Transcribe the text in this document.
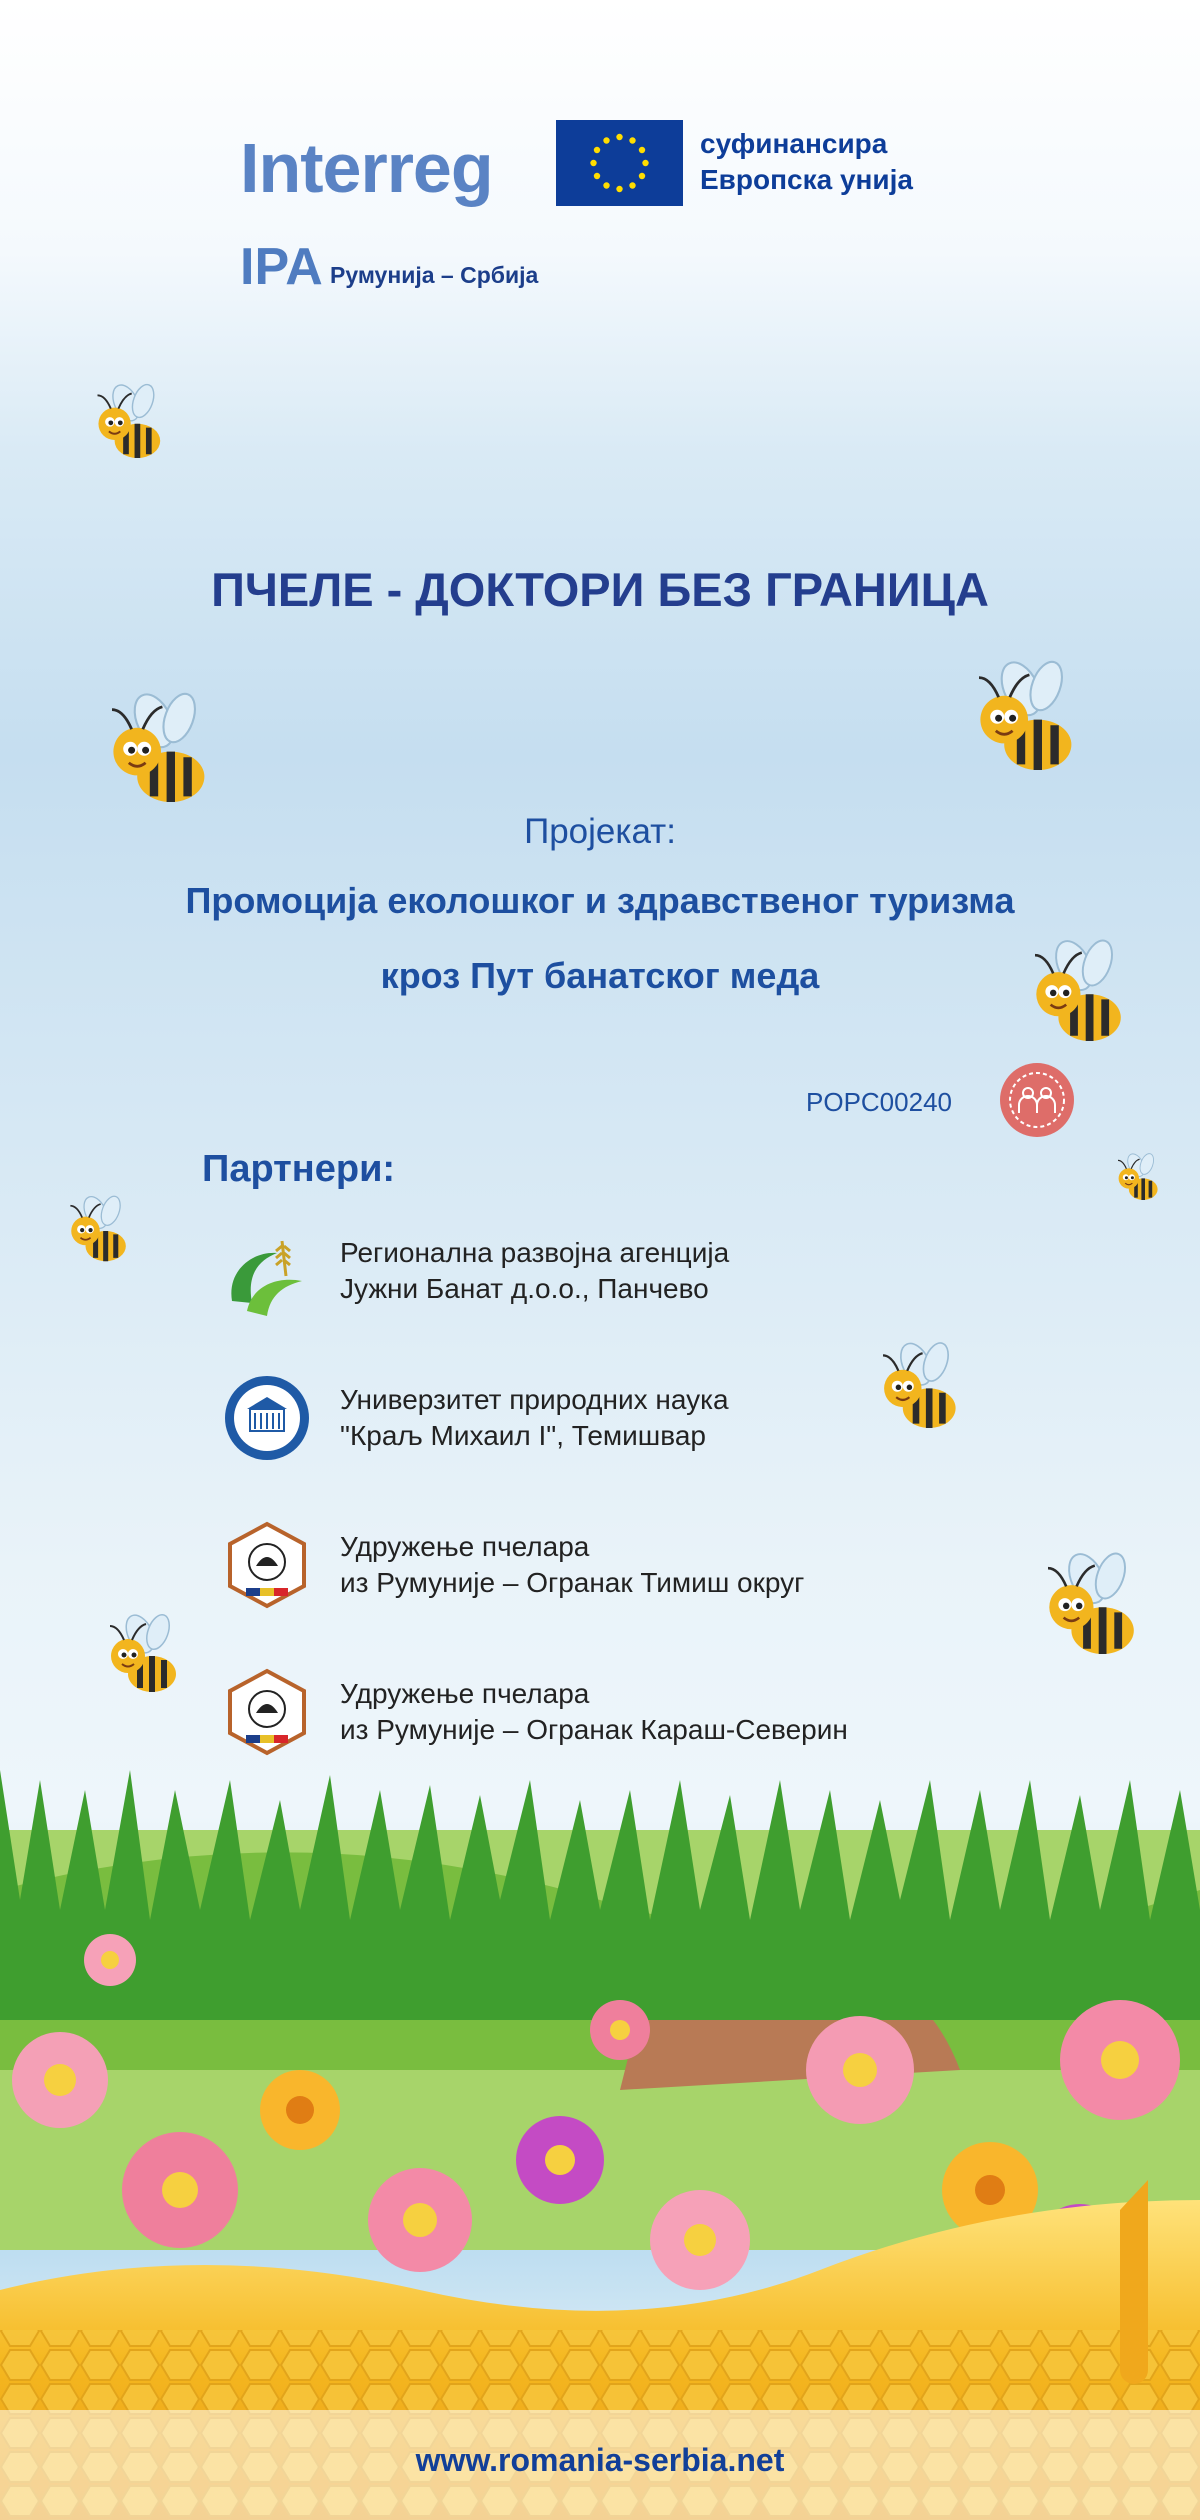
Interreg
IPA Румунија – Србија
суфинансира
Европска унија
ПЧЕЛЕ - ДОКТОРИ БЕЗ ГРАНИЦА
Пројекат:
Промоција еколошког и здравственог туризма
кроз Пут банатског меда
POPC00240
Партнери:
Регионална развојна агенција
Јужни Банат д.о.о., Панчево
Универзитет природних наука
"Краљ Михаил I", Темишвар
Удружење пчелара
из Румуније – Огранак Тимиш округ
Удружење пчелара
из Румуније – Огранак Караш-Северин
www.romania-serbia.net
